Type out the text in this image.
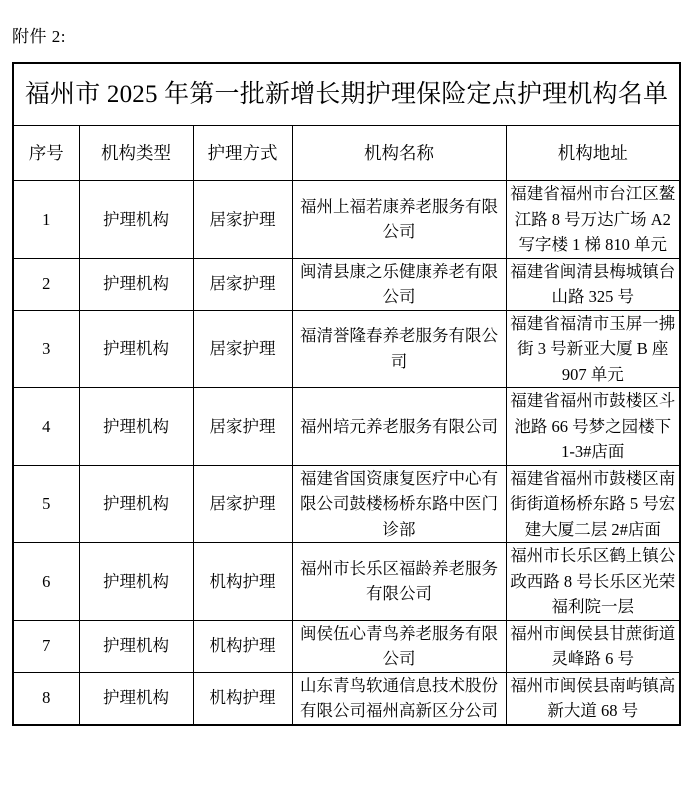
附件 2:
福州市 2025 年第一批新增长期护理保险定点护理机构名单				
序号	机构类型	护理方式	机构名称	机构地址
1	护理机构	居家护理	福州上福若康养老服务有限公司	福建省福州市台江区鳌江路 8 号万达广场 A2 写字楼 1 梯 810 单元
2	护理机构	居家护理	闽清县康之乐健康养老有限公司	福建省闽清县梅城镇台山路 325 号
3	护理机构	居家护理	福清誉隆春养老服务有限公司	福建省福清市玉屏一拂街 3 号新亚大厦 B 座 907 单元
4	护理机构	居家护理	福州培元养老服务有限公司	福建省福州市鼓楼区斗池路 66 号梦之园楼下 1-3#店面
5	护理机构	居家护理	福建省国资康复医疗中心有限公司鼓楼杨桥东路中医门诊部	福建省福州市鼓楼区南街街道杨桥东路 5 号宏建大厦二层 2#店面
6	护理机构	机构护理	福州市长乐区福龄养老服务有限公司	福州市长乐区鹤上镇公政西路 8 号长乐区光荣福利院一层
7	护理机构	机构护理	闽侯伍心青鸟养老服务有限公司	福州市闽侯县甘蔗街道灵峰路 6 号
8	护理机构	机构护理	山东青鸟软通信息技术股份有限公司福州高新区分公司	福州市闽侯县南屿镇高新大道 68 号
